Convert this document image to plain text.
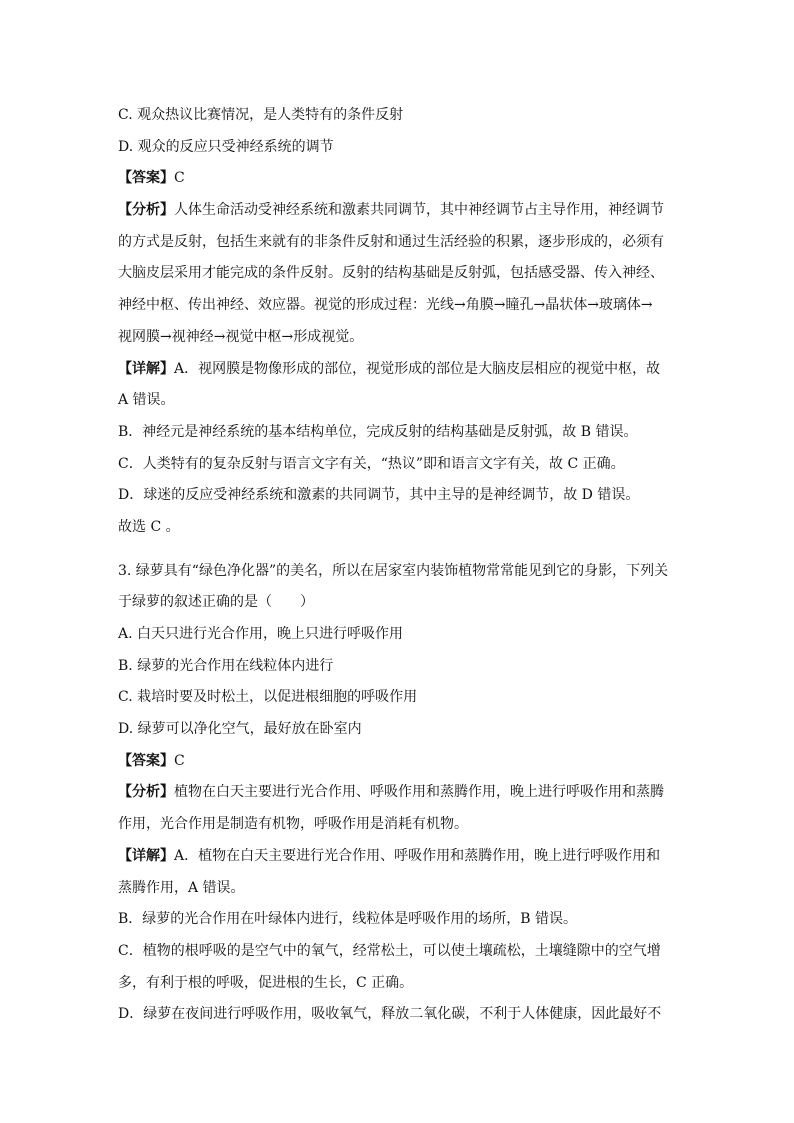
C. 观众热议比赛情况，是人类特有的条件反射
D. 观众的反应只受神经系统的调节
【答案】C
【分析】人体生命活动受神经系统和激素共同调节，其中神经调节占主导作用，神经调节
的方式是反射，包括生来就有的非条件反射和通过生活经验的积累，逐步形成的，必须有
大脑皮层采用才能完成的条件反射。反射的结构基础是反射弧，包括感受器、传入神经、
神经中枢、传出神经、效应器。视觉的形成过程：光线→角膜→瞳孔→晶状体→玻璃体→
视网膜→视神经→视觉中枢→形成视觉。
【详解】A．视网膜是物像形成的部位，视觉形成的部位是大脑皮层相应的视觉中枢，故
A 错误。
B．神经元是神经系统的基本结构单位，完成反射的结构基础是反射弧，故 B 错误。
C．人类特有的复杂反射与语言文字有关，“热议”即和语言文字有关，故 C 正确。
D．球迷的反应受神经系统和激素的共同调节，其中主导的是神经调节，故 D 错误。
故选 C 。
3. 绿萝具有“绿色净化器”的美名，所以在居家室内装饰植物常常能见到它的身影，下列关
于绿萝的叙述正确的是（　　）
A. 白天只进行光合作用，晚上只进行呼吸作用
B. 绿萝的光合作用在线粒体内进行
C. 栽培时要及时松土，以促进根细胞的呼吸作用
D. 绿萝可以净化空气，最好放在卧室内
【答案】C
【分析】植物在白天主要进行光合作用、呼吸作用和蒸腾作用，晚上进行呼吸作用和蒸腾
作用，光合作用是制造有机物，呼吸作用是消耗有机物。
【详解】A．植物在白天主要进行光合作用、呼吸作用和蒸腾作用，晚上进行呼吸作用和
蒸腾作用，A 错误。
B．绿萝的光合作用在叶绿体内进行，线粒体是呼吸作用的场所，B 错误。
C．植物的根呼吸的是空气中的氧气，经常松土，可以使土壤疏松，土壤缝隙中的空气增
多，有利于根的呼吸，促进根的生长，C 正确。
D．绿萝在夜间进行呼吸作用，吸收氧气，释放二氧化碳，不利于人体健康，因此最好不
